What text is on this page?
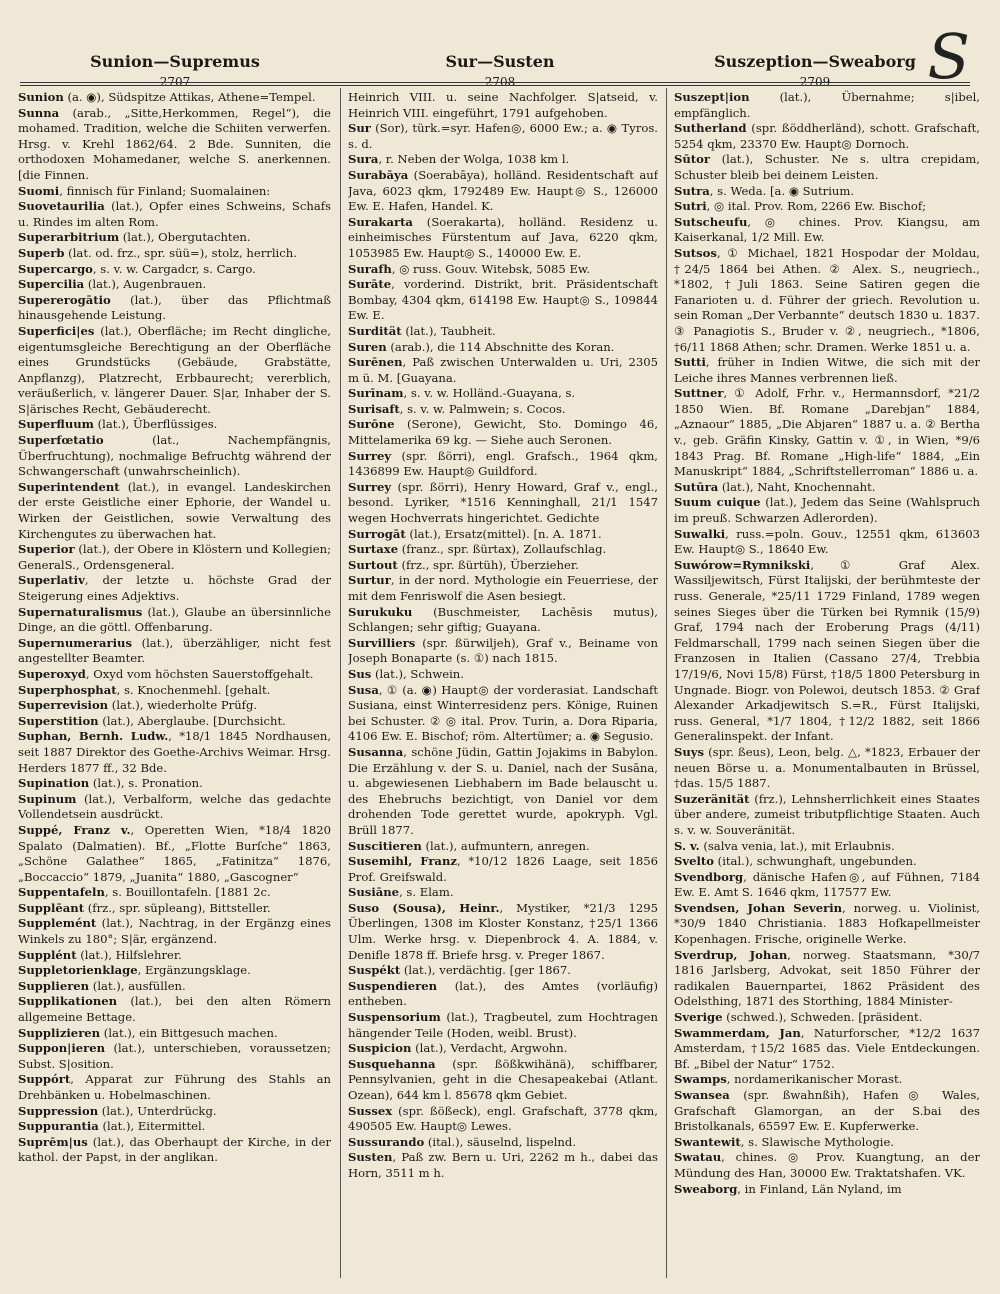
S
Sunion—Supremus	Sur—Susten	Suszeption—Sweaborg
2707	2708	2709

Sunion (a. ◉), Südspitze Attikas, Athene=Tempel.

Sunna (arab., „Sitte,Herkommen, Regel“), die mohamed. Tradition, welche die Schiiten verwerfen. Hrsg. v. Krehl 1862/64. 2 Bde. Sunniten, die orthodoxen Mohamedaner, welche S. anerkennen. [die Finnen.

Suomi, finnisch für Finland; Suomalainen:

Suovetaurilia (lat.), Opfer eines Schweins, Schafs u. Rindes im alten Rom.

Superarbitrium (lat.), Obergutachten.

Superb (lat. od. frz., spr. süü=), stolz, herrlich.

Supercargo, s. v. w. Cargadcr, s. Cargo.

Supercilia (lat.), Augenbrauen.

Supererogātio (lat.), über das Pflichtmaß hinausgehende Leistung.

Superfici|es (lat.), Oberfläche; im Recht dingliche, eigentumsgleiche Berechtigung an der Oberfläche eines Grundstücks (Gebäude, Grabstätte, Anpflanzg), Platzrecht, Erbbaurecht; vererblich, veräußerlich, v. längerer Dauer. S|ar, Inhaber der S. S|ärisches Recht, Gebäuderecht.

Superfluum (lat.), Überflüssiges.

Superfœtatio (lat., Nachempfängnis, Überfruchtung), nochmalige Befruchtg während der Schwangerschaft (unwahrscheinlich).

Superintendent (lat.), in evangel. Landeskirchen der erste Geistliche einer Ephorie, der Wandel u. Wirken der Geistlichen, sowie Verwaltung des Kirchengutes zu überwachen hat.

Superior (lat.), der Obere in Klöstern und Kollegien; GeneralS., Ordensgeneral.

Superlativ, der letzte u. höchste Grad der Steigerung eines Adjektivs.

Supernaturalismus (lat.), Glaube an übersinnliche Dinge, an die göttl. Offenbarung.

Supernumerarius (lat.), überzähliger, nicht fest angestellter Beamter.

Superoxyd, Oxyd vom höchsten Sauerstoffgehalt.

Superphosphat, s. Knochenmehl. [gehalt.

Superrevision (lat.), wiederholte Prüfg.

Superstition (lat.), Aberglaube. [Durchsicht.

Suphan, Bernh. Ludw., *18/1 1845 Nordhausen, seit 1887 Direktor des Goethe-Archivs Weimar. Hrsg. Herders 1877 ff., 32 Bde.

Supination (lat.), s. Pronation.

Supinum (lat.), Verbalform, welche das gedachte Vollendetsein ausdrückt.

Suppé, Franz v., Operetten Wien, *18/4 1820 Spalato (Dalmatien). Bf., „Flotte Burſche“ 1863, „Schöne Galathee“ 1865, „Fatinitza“ 1876, „Boccaccio“ 1879, „Juanita“ 1880, „Gascogner“

Suppentafeln, s. Bouillontafeln. [1881 2c.

Supplēant (frz., spr. süpleang), Bittsteller.

Supplemént (lat.), Nachtrag, in der Ergänzg eines Winkels zu 180°; S|är, ergänzend.

Supplént (lat.), Hilfslehrer.

Suppletorienklage, Ergänzungsklage.

Supplieren (lat.), ausfüllen.

Supplikationen (lat.), bei den alten Römern allgemeine Bettage.

Supplizieren (lat.), ein Bittgesuch machen.

Suppon|ieren (lat.), unterschieben, voraussetzen; Subst. S|osition.

Suppórt, Apparat zur Führung des Stahls an Drehbänken u. Hobelmaschinen.

Suppression (lat.), Unterdrückg.

Suppurantia (lat.), Eitermittel.

Suprēm|us (lat.), das Oberhaupt der Kirche, in der kathol. der Papst, in der anglikan.

Heinrich VIII. u. seine Nachfolger. S|atseid, v. Heinrich VIII. eingeführt, 1791 aufgehoben.

Sur (Sor), türk.=syr. Hafen◎, 6000 Ew.; a. ◉ Tyros. s. d.

Sura, r. Neben der Wolga, 1038 km l.

Surabāya (Soerabāya), holländ. Residentschaft auf Java, 6023 qkm, 1792489 Ew. Haupt◎ S., 126000 Ew. E. Hafen, Handel. K.

Surakarta (Soerakarta), holländ. Residenz u. einheimisches Fürstentum auf Java, 6220 qkm, 1053985 Ew. Haupt◎ S., 140000 Ew. E.

Surafh, ◎ russ. Gouv. Witebsk, 5085 Ew.

Surāte, vorderind. Distrikt, brit. Präsidentschaft Bombay, 4304 qkm, 614198 Ew. Haupt◎ S., 109844 Ew. E.

Surdität (lat.), Taubheit.

Suren (arab.), die 114 Abschnitte des Koran.

Surēnen, Paß zwischen Unterwalden u. Uri, 2305 m ü. M. [Guayana.

Surīnam, s. v. w. Holländ.-Guayana, s.

Surisaft, s. v. w. Palmwein; s. Cocos.

Surōne (Serone), Gewicht, Sto. Domingo 46, Mittelamerika 69 kg. — Siehe auch Seronen.

Surrey (spr. ßörri), engl. Grafsch., 1964 qkm, 1436899 Ew. Haupt◎ Guildford.

Surrey (spr. ßörri), Henry Howard, Graf v., engl., besond. Lyriker, *1516 Kenninghall, 21/1 1547 wegen Hochverrats hingerichtet. Gedichte

Surrogāt (lat.), Ersatz(mittel). [n. A. 1871.

Surtaxe (franz., spr. ßürtax), Zollaufschlag.

Surtout (frz., spr. ßürtüh), Überzieher.

Surtur, in der nord. Mythologie ein Feuerriese, der mit dem Fenriswolf die Asen besiegt.

Surukuku (Buschmeister, Lachēsis mutus), Schlangen; sehr giftig; Guayana.

Survilliers (spr. ßürwiljeh), Graf v., Beiname von Joseph Bonaparte (s. ①) nach 1815.

Sus (lat.), Schwein.

Susa, ① (a. ◉) Haupt◎ der vorderasiat. Landschaft Susiana, einst Winterresidenz pers. Könige, Ruinen bei Schuster. ② ◎ ital. Prov. Turin, a. Dora Riparia, 4106 Ew. E. Bischof; röm. Altertümer; a. ◉ Segusio.

Susanna, schöne Jüdin, Gattin Jojakims in Babylon. Die Erzählung v. der S. u. Daniel, nach der Susāna, u. abgewiesenen Liebhabern im Bade belauscht u. des Ehebruchs bezichtigt, von Daniel vor dem drohenden Tode gerettet wurde, apokryph. Vgl. Brüll 1877.

Suscitieren (lat.), aufmuntern, anregen.

Susemihl, Franz, *10/12 1826 Laage, seit 1856 Prof. Greifswald.

Susiāne, s. Elam.

Suso (Sousa), Heinr., Mystiker, *21/3 1295 Überlingen, 1308 im Kloster Konstanz, †25/1 1366 Ulm. Werke hrsg. v. Diepenbrock 4. A. 1884, v. Denifle 1878 ff. Briefe hrsg. v. Preger 1867.

Suspékt (lat.), verdächtig. [ger 1867.

Suspendieren (lat.), des Amtes (vorläufig) entheben.

Suspensorium (lat.), Tragbeutel, zum Hochtragen hängender Teile (Hoden, weibl. Brust).

Suspicion (lat.), Verdacht, Argwohn.

Susquehanna (spr. ßößkwihänä), schiffbarer, Pennsylvanien, geht in die Chesapeakebai (Atlant. Ozean), 644 km l. 85678 qkm Gebiet.

Sussex (spr. ßößeck), engl. Grafschaft, 3778 qkm, 490505 Ew. Haupt◎ Lewes.

Sussurando (ital.), säuselnd, lispelnd.

Susten, Paß zw. Bern u. Uri, 2262 m h., dabei das Horn, 3511 m h.

Suszept|ion (lat.), Übernahme; s|ibel, empfänglich.

Sutherland (spr. ßöddherländ), schott. Grafschaft, 5254 qkm, 23370 Ew. Haupt◎ Dornoch.

Sūtor (lat.), Schuster. Ne s. ultra crepidam, Schuster bleib bei deinem Leisten.

Sutra, s. Weda. [a. ◉ Sutrium.

Sutri, ◎ ital. Prov. Rom, 2266 Ew. Bischof;

Sutscheufu, ◎ chines. Prov. Kiangsu, am Kaiserkanal, 1/2 Mill. Ew.

Sutsos, ① Michael, 1821 Hospodar der Moldau, †24/5 1864 bei Athen. ② Alex. S., neugriech., *1802, †Juli 1863. Seine Satiren gegen die Fanarioten u. d. Führer der griech. Revolution u. sein Roman „Der Verbannte“ deutsch 1830 u. 1837. ③ Panagiotis S., Bruder v. ②, neugriech., *1806, †6/11 1868 Athen; schr. Dramen. Werke 1851 u. a.

Sutti, früher in Indien Witwe, die sich mit der Leiche ihres Mannes verbrennen ließ.

Suttner, ① Adolf, Frhr. v., Hermannsdorf, *21/2 1850 Wien. Bf. Romane „Darebjan“ 1884, „Aznaour“ 1885, „Die Abjaren“ 1887 u. a. ② Bertha v., geb. Gräfin Kinsky, Gattin v. ①, in Wien, *9/6 1843 Prag. Bf. Romane „High-life“ 1884, „Ein Manuskript“ 1884, „Schriftstellerroman“ 1886 u. a.

Sutūra (lat.), Naht, Knochennaht.

Suum cuique (lat.), Jedem das Seine (Wahlspruch im preuß. Schwarzen Adlerorden).

Suwalki, russ.=poln. Gouv., 12551 qkm, 613603 Ew. Haupt◎ S., 18640 Ew.

Suwórow=Rymnikski, ① Graf Alex. Wassiljewitsch, Fürst Italijski, der berühmteste der russ. Generale, *25/11 1729 Finland, 1789 wegen seines Sieges über die Türken bei Rymnik (15/9) Graf, 1794 nach der Eroberung Prags (4/11) Feldmarschall, 1799 nach seinen Siegen über die Franzosen in Italien (Cassano 27/4, Trebbia 17/19/6, Novi 15/8) Fürst, †18/5 1800 Petersburg in Ungnade. Biogr. von Polewoi, deutsch 1853. ② Graf Alexander Arkadjewitsch S.=R., Fürst Italijski, russ. General, *1/7 1804, †12/2 1882, seit 1866 Generalinspekt. der Infant.

Suys (spr. ßeus), Leon, belg. △, *1823, Erbauer der neuen Börse u. a. Monumentalbauten in Brüssel, †das. 15/5 1887.

Suzeränität (frz.), Lehnsherrlichkeit eines Staates über andere, zumeist tributpflichtige Staaten. Auch s. v. w. Souveränität.

S. v. (salva venia, lat.), mit Erlaubnis.

Svelto (ital.), schwunghaft, ungebunden.

Svendborg, dänische Hafen◎, auf Fühnen, 7184 Ew. E. Amt S. 1646 qkm, 117577 Ew.

Svendsen, Johan Severin, norweg. u. Violinist, *30/9 1840 Christiania. 1883 Hofkapellmeister Kopenhagen. Frische, originelle Werke.

Sverdrup, Johan, norweg. Staatsmann, *30/7 1816 Jarlsberg, Advokat, seit 1850 Führer der radikalen Bauernpartei, 1862 Präsident des Odelsthing, 1871 des Storthing, 1884 Minister-

Sverige (schwed.), Schweden. [präsident.

Swammerdam, Jan, Naturforscher, *12/2 1637 Amsterdam, †15/2 1685 das. Viele Entdeckungen. Bf. „Bibel der Natur“ 1752.

Swamps, nordamerikanischer Morast.

Swansea (spr. ßwahnßih), Hafen◎ Wales, Grafschaft Glamorgan, an der S.bai des Bristolkanals, 65597 Ew. E. Kupferwerke.

Swantewit, s. Slawische Mythologie.

Swatau, chines. ◎ Prov. Kuangtung, an der Mündung des Han, 30000 Ew. Traktatshafen. VK.

Sweaborg, in Finland, Län Nyland, im
